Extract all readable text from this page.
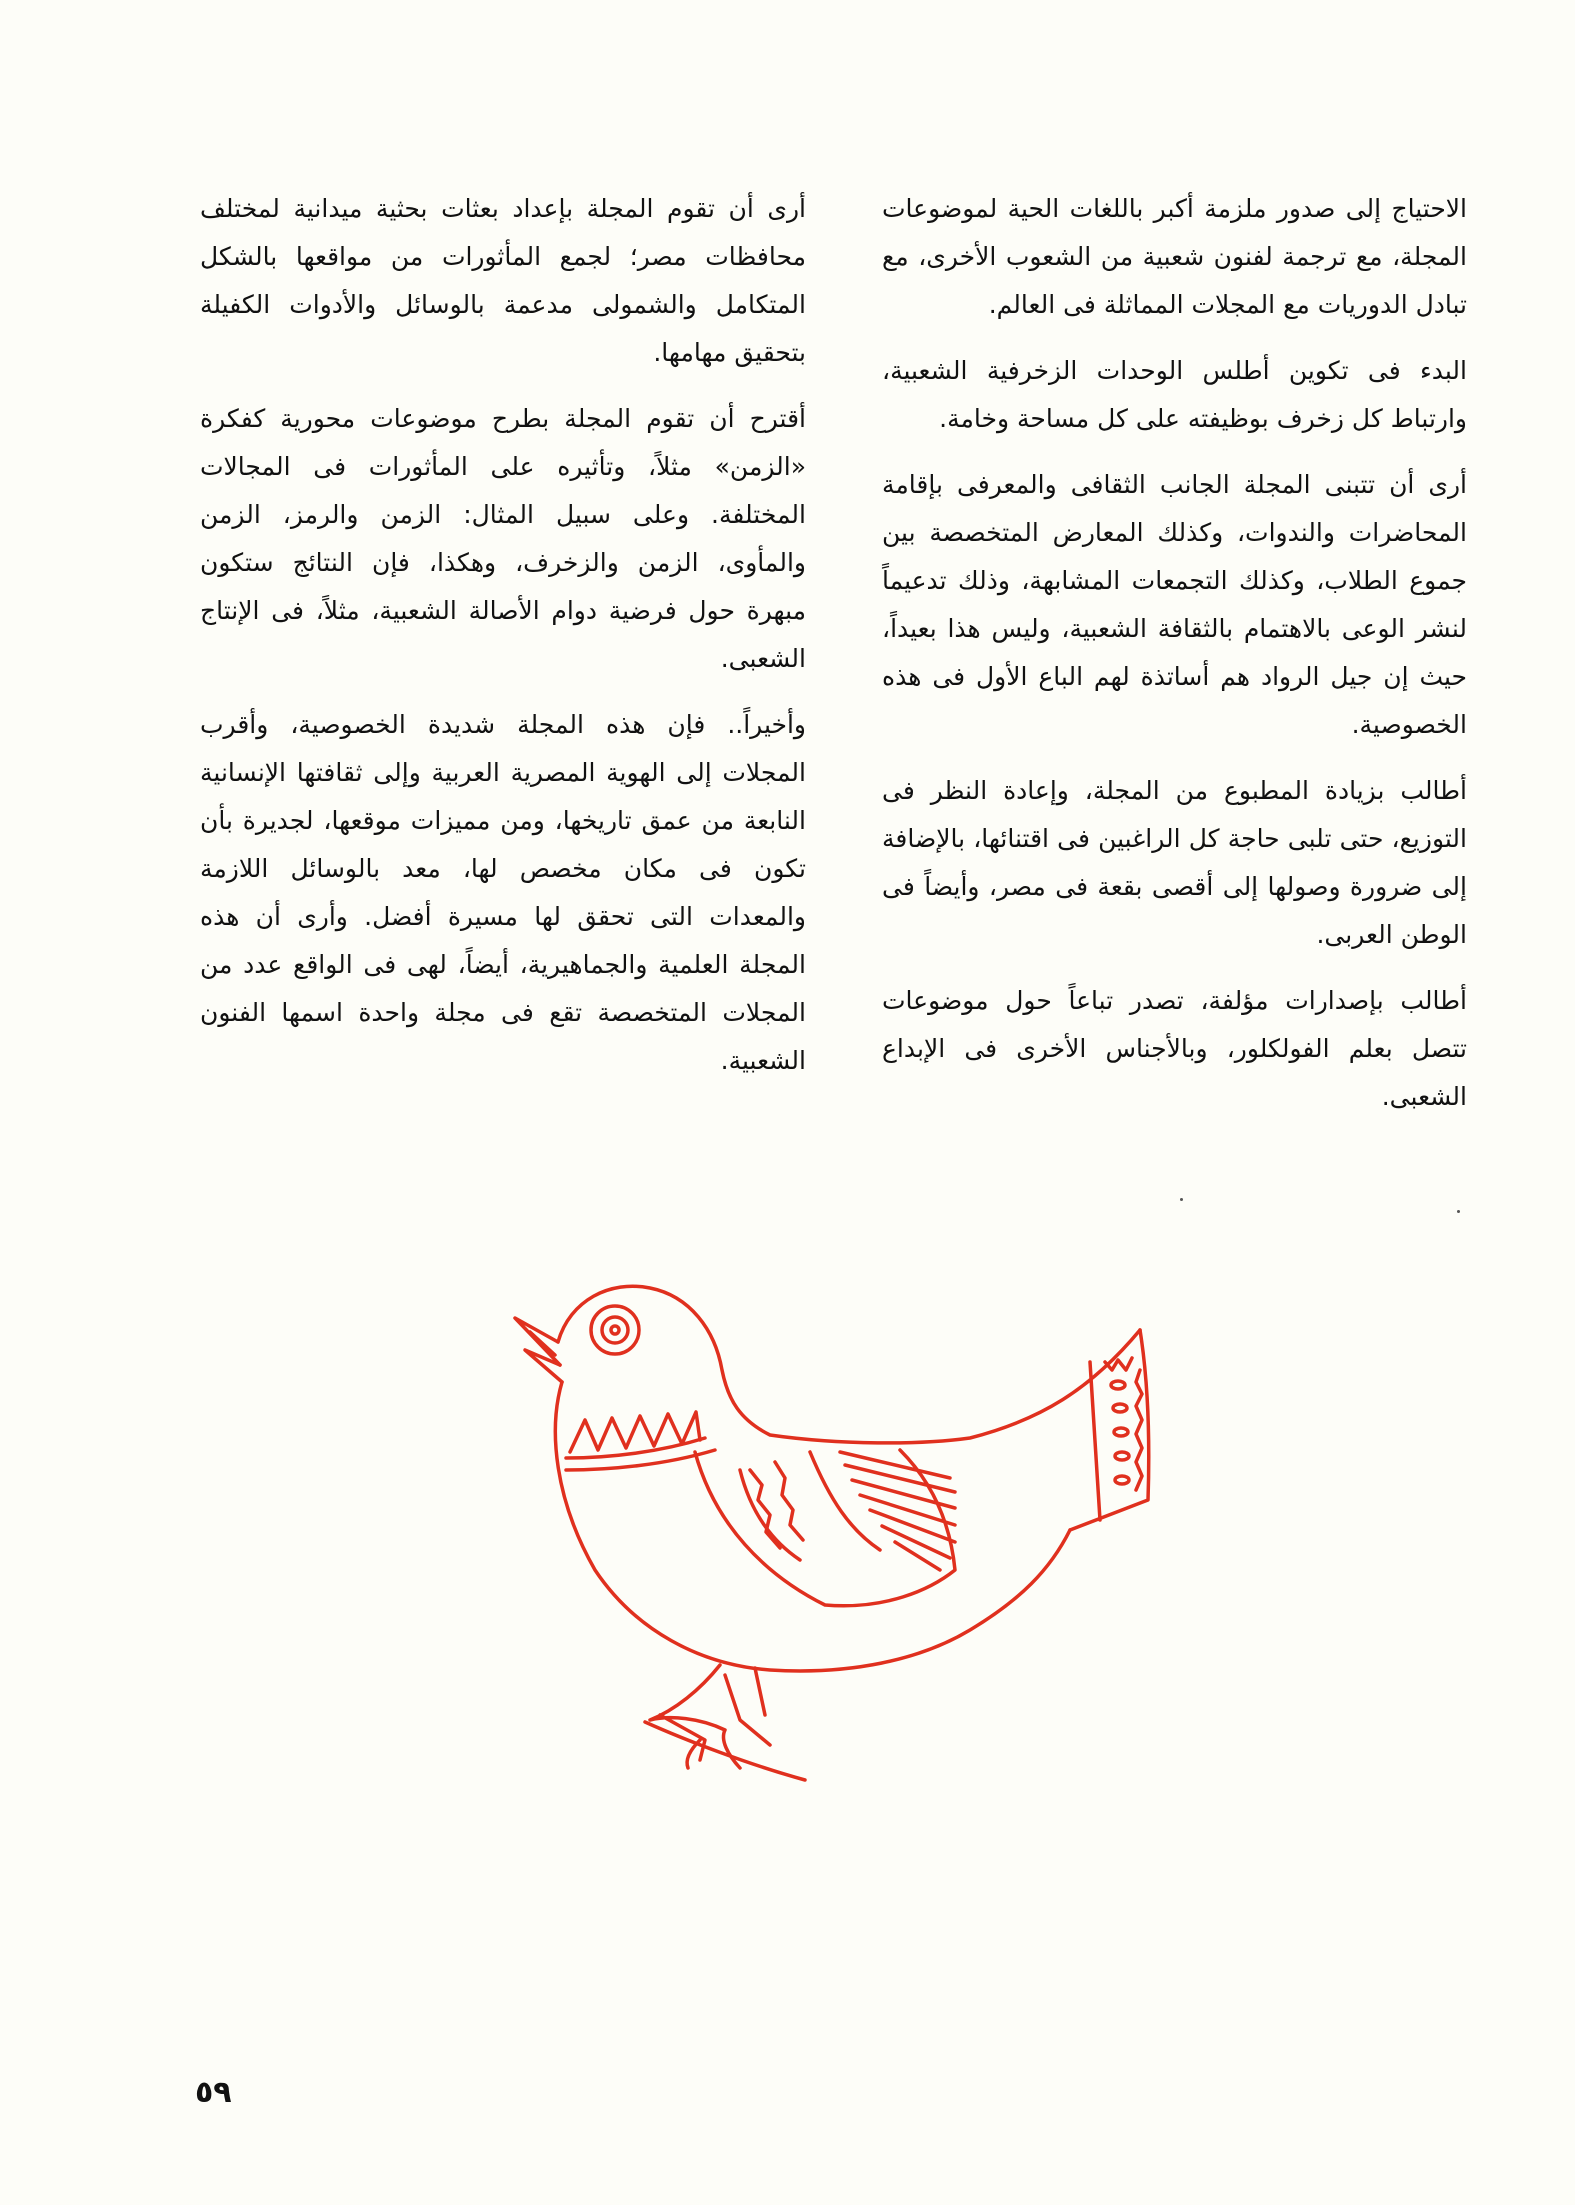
الاحتياج إلى صدور ملزمة أكبر باللغات الحية لموضوعات المجلة، مع ترجمة لفنون شعبية من الشعوب الأخرى، مع تبادل الدوريات مع المجلات المماثلة فى العالم.

البدء فى تكوين أطلس الوحدات الزخرفية الشعبية، وارتباط كل زخرف بوظيفته على كل مساحة وخامة.

أرى أن تتبنى المجلة الجانب الثقافى والمعرفى بإقامة المحاضرات والندوات، وكذلك المعارض المتخصصة بين جموع الطلاب، وكذلك التجمعات المشابهة، وذلك تدعيماً لنشر الوعى بالاهتمام بالثقافة الشعبية، وليس هذا بعيداً، حيث إن جيل الرواد هم أساتذة لهم الباع الأول فى هذه الخصوصية.

أطالب بزيادة المطبوع من المجلة، وإعادة النظر فى التوزيع، حتى تلبى حاجة كل الراغبين فى اقتنائها، بالإضافة إلى ضرورة وصولها إلى أقصى بقعة فى مصر، وأيضاً فى الوطن العربى.

أطالب بإصدارات مؤلفة، تصدر تباعاً حول موضوعات تتصل بعلم الفولكلور، وبالأجناس الأخرى فى الإبداع الشعبى.

أرى أن تقوم المجلة بإعداد بعثات بحثية ميدانية لمختلف محافظات مصر؛ لجمع المأثورات من مواقعها بالشكل المتكامل والشمولى مدعمة بالوسائل والأدوات الكفيلة بتحقيق مهامها.

أقترح أن تقوم المجلة بطرح موضوعات محورية كفكرة «الزمن» مثلاً، وتأثيره على المأثورات فى المجالات المختلفة. وعلى سبيل المثال: الزمن والرمز، الزمن والمأوى، الزمن والزخرف، وهكذا، فإن النتائج ستكون مبهرة حول فرضية دوام الأصالة الشعبية، مثلاً، فى الإنتاج الشعبى.

وأخيراً.. فإن هذه المجلة شديدة الخصوصية، وأقرب المجلات إلى الهوية المصرية العربية وإلى ثقافتها الإنسانية النابعة من عمق تاريخها، ومن مميزات موقعها، لجديرة بأن تكون فى مكان مخصص لها، معد بالوسائل اللازمة والمعدات التى تحقق لها مسيرة أفضل. وأرى أن هذه المجلة العلمية والجماهيرية، أيضاً، لهى فى الواقع عدد من المجلات المتخصصة تقع فى مجلة واحدة اسمها الفنون الشعبية.

٥٩
